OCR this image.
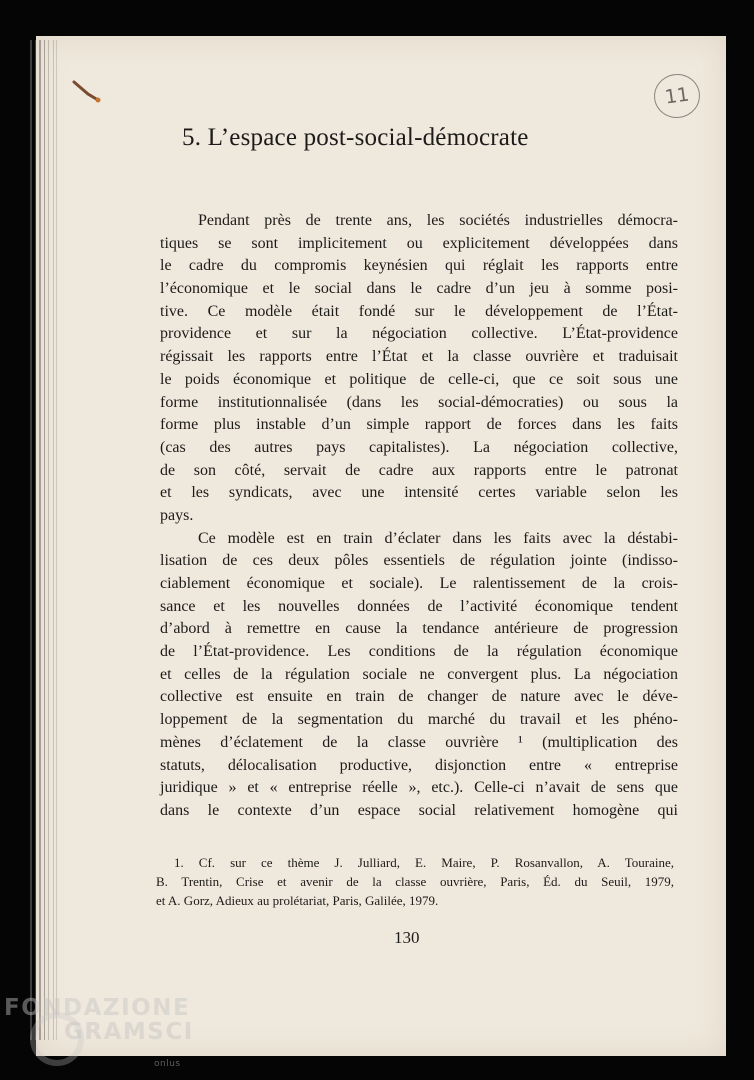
11
5. L’espace post-social-démocrate
Pendant près de trente ans, les sociétés industrielles démocra-
tiques se sont implicitement ou explicitement développées dans
le cadre du compromis keynésien qui réglait les rapports entre
l’économique et le social dans le cadre d’un jeu à somme posi-
tive. Ce modèle était fondé sur le développement de l’État-
providence et sur la négociation collective. L’État-providence
régissait les rapports entre l’État et la classe ouvrière et traduisait
le poids économique et politique de celle-ci, que ce soit sous une
forme institutionnalisée (dans les social-démocraties) ou sous la
forme plus instable d’un simple rapport de forces dans les faits
(cas des autres pays capitalistes). La négociation collective,
de son côté, servait de cadre aux rapports entre le patronat
et les syndicats, avec une intensité certes variable selon les
pays.
Ce modèle est en train d’éclater dans les faits avec la déstabi-
lisation de ces deux pôles essentiels de régulation jointe (indisso-
ciablement économique et sociale). Le ralentissement de la crois-
sance et les nouvelles données de l’activité économique tendent
d’abord à remettre en cause la tendance antérieure de progression
de l’État-providence. Les conditions de la régulation économique
et celles de la régulation sociale ne convergent plus. La négociation
collective est ensuite en train de changer de nature avec le déve-
loppement de la segmentation du marché du travail et les phéno-
mènes d’éclatement de la classe ouvrière ¹ (multiplication des
statuts, délocalisation productive, disjonction entre « entreprise
juridique » et « entreprise réelle », etc.). Celle-ci n’avait de sens que
dans le contexte d’un espace social relativement homogène qui
1. Cf. sur ce thème J. Julliard, E. Maire, P. Rosanvallon, A. Touraine,
B. Trentin, Crise et avenir de la classe ouvrière, Paris, Éd. du Seuil, 1979,
et A. Gorz, Adieux au prolétariat, Paris, Galilée, 1979.
130
FONDAZIONE
GRAMSCI
onlus
